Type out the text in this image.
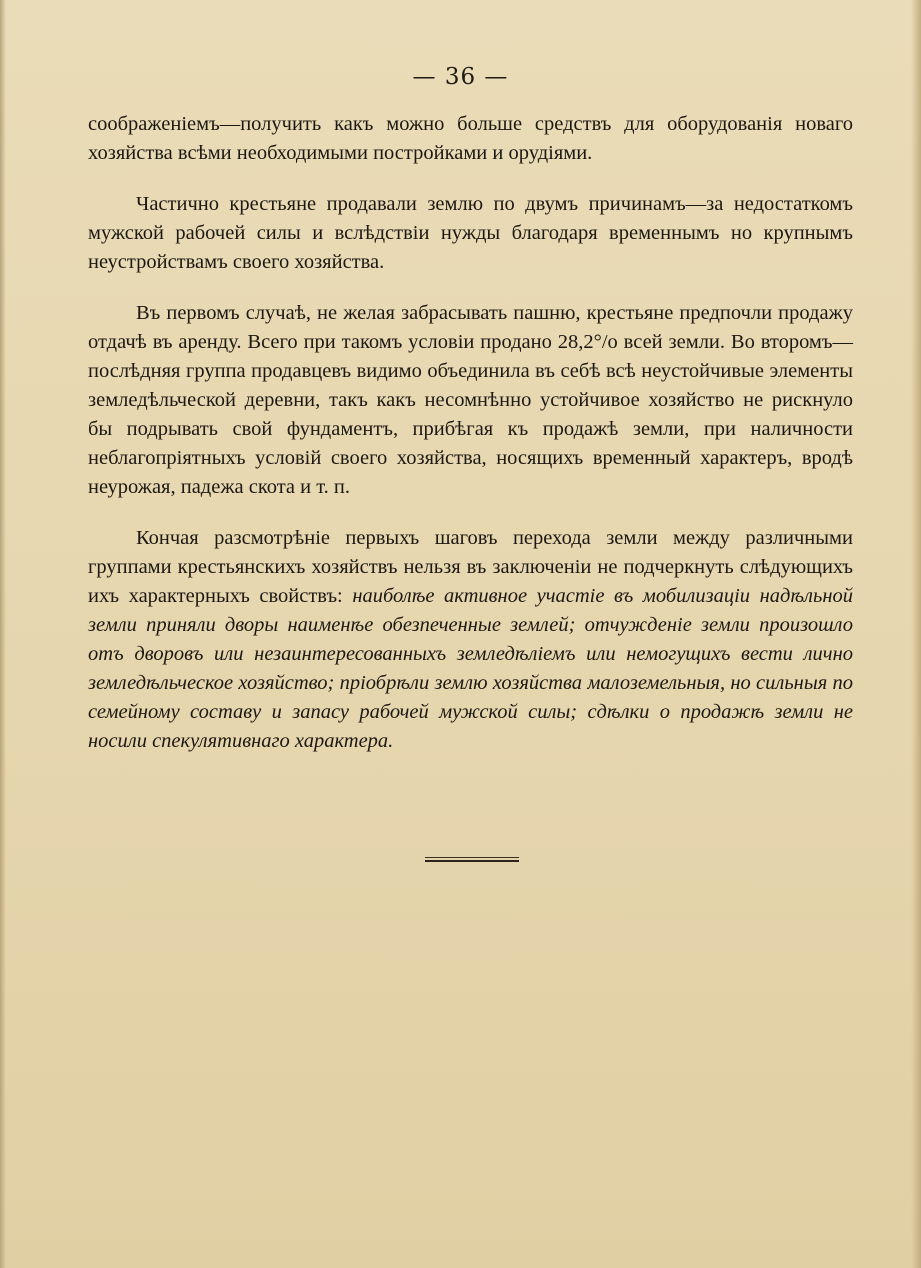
— 36 —

соображенiемъ—получить какъ можно больше средствъ для оборудованiя новаго хозяйства всѣми необходимыми постройками и орудiями.

Частично крестьяне продавали землю по двумъ причинамъ—за недостаткомъ мужской рабочей силы и вслѣдствiи нужды благодаря временнымъ но крупнымъ неустройствамъ своего хозяйства.

Въ первомъ случаѣ, не желая забрасывать пашню, крестьяне предпочли продажу отдачѣ въ аренду. Всего при такомъ условiи продано 28,2°/о всей земли. Во второмъ—послѣдняя группа продавцевъ видимо объединила въ себѣ всѣ неустойчивые элементы земледѣльческой деревни, такъ какъ несомнѣнно устойчивое хозяйство не рискнуло бы подрывать свой фундаментъ, прибѣгая къ продажѣ земли, при наличности неблагопрiятныхъ условiй своего хозяйства, носящихъ временный характеръ, вродѣ неурожая, падежа скота и т. п.

Кончая разсмотрѣнiе первыхъ шаговъ перехода земли между различными группами крестьянскихъ хозяйствъ нельзя въ заключенiи не подчеркнуть слѣдующихъ ихъ характерныхъ свойствъ: наиболѣе активное участiе въ мобилизацiи надѣльной земли приняли дворы наименѣе обезпеченные землей; отчужденiе земли произошло отъ дворовъ или незаинтересованныхъ земледѣлiемъ или немогущихъ вести лично земледѣльческое хозяйство; прiобрѣли землю хозяйства малоземельныя, но сильныя по семейному составу и запасу рабочей мужской силы; сдѣлки о продажѣ земли не носили спекулятивнаго характера.
